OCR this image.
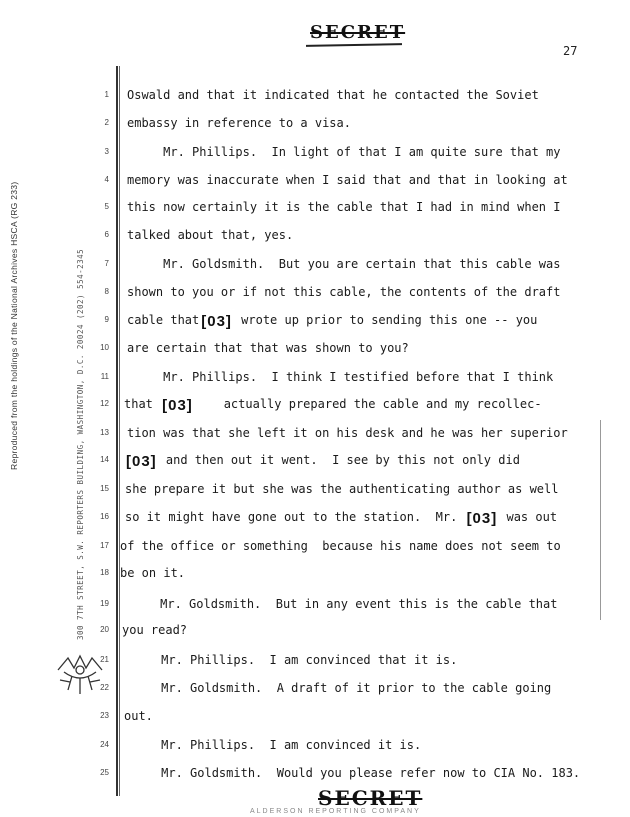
SECRET
27
Reproduced from the holdings of the National Archives HSCA (RG 233)	300 7TH STREET, S.W. REPORTERS BUILDING, WASHINGTON, D.C. 20024 (202) 554-2345
1
2
3
4
5
6
7
8
9
10
11
12
13
14
15
16
17
18
19
20
21
22
23
24
25
Oswald and that it indicated that he contacted the Soviet
embassy in reference to a visa.
Mr. Phillips.  In light of that I am quite sure that my
memory was inaccurate when I said that and that in looking at
this now certainly it is the cable that I had in mind when I
talked about that, yes.
Mr. Goldsmith.  But you are certain that this cable was
shown to you or if not this cable, the contents of the draft
cable that [03] wrote up prior to sending this one -- you
are certain that that was shown to you?
Mr. Phillips.  I think I testified before that I think
that [03]    actually prepared the cable and my recollec-
tion was that she left it on his desk and he was her superior
[03] and then out it went.  I see by this not only did
she prepare it but she was the authenticating author as well
so it might have gone out to the station.  Mr. [03] was out
of the office or something  because his name does not seem to
be on it.
Mr. Goldsmith.  But in any event this is the cable that
you read?
Mr. Phillips.  I am convinced that it is.
Mr. Goldsmith.  A draft of it prior to the cable going
out.
Mr. Phillips.  I am convinced it is.
Mr. Goldsmith.  Would you please refer now to CIA No. 183.
SECRET
ALDERSON REPORTING COMPANY
